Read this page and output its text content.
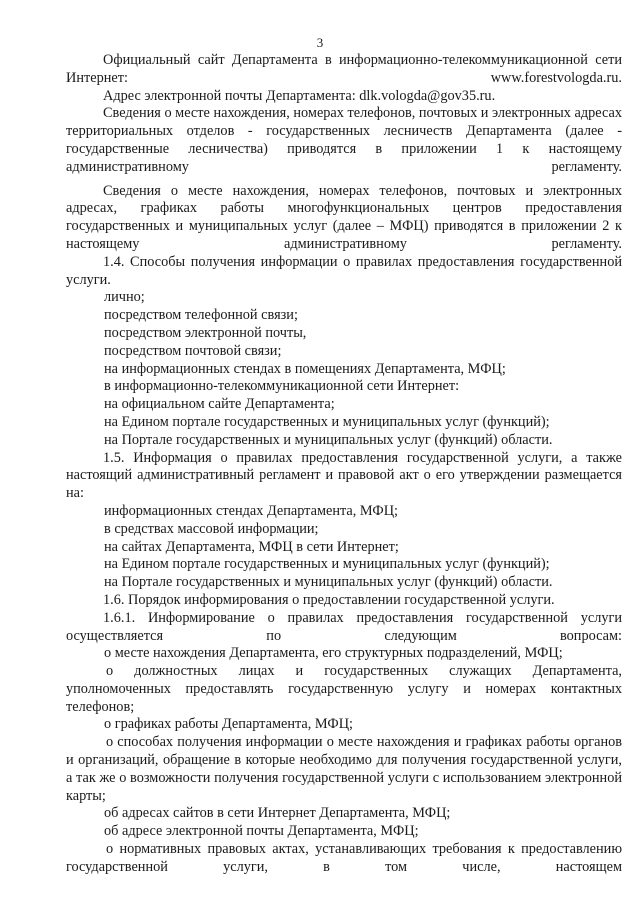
3

Официальный сайт Департамента в информационно-телекоммуникационной сети Интернет: www.forestvologda.ru.

Адрес электронной почты Департамента: dlk.vologda@gov35.ru.

Сведения о месте нахождения, номерах телефонов, почтовых и электронных адресах территориальных отделов - государственных лесничеств Департамента (далее - государственные лесничества) приводятся в приложении 1 к настоящему административному регламенту.

Сведения о месте нахождения, номерах телефонов, почтовых и электронных адресах, графиках работы многофункциональных центров предоставления государственных и муниципальных услуг (далее – МФЦ) приводятся в приложении 2 к настоящему административному регламенту.

1.4. Способы получения информации о правилах предоставления государственной услуги.

лично;

посредством телефонной связи;

посредством электронной почты,

посредством почтовой связи;

на информационных стендах в помещениях Департамента, МФЦ;

в информационно-телекоммуникационной сети Интернет:

на официальном сайте Департамента;

на Едином портале государственных и муниципальных услуг (функций);

на Портале государственных и муниципальных услуг (функций) области.

1.5. Информация о правилах предоставления государственной услуги, а также настоящий административный регламент и правовой акт о его утверждении размещается на:

информационных стендах Департамента, МФЦ;

в средствах массовой информации;

на сайтах Департамента, МФЦ в сети Интернет;

на Едином портале государственных и муниципальных услуг (функций);

на Портале государственных и муниципальных услуг (функций) области.

1.6. Порядок информирования о предоставлении государственной услуги.

1.6.1. Информирование о правилах предоставления государственной услуги осуществляется по следующим вопросам:

о месте нахождения Департамента, его структурных подразделений, МФЦ;

о должностных лицах и государственных служащих Департамента, уполномоченных предоставлять государственную услугу и номерах контактных телефонов;

о графиках работы Департамента, МФЦ;

о способах получения информации о месте нахождения и графиках работы органов и организаций, обращение в которые необходимо для получения государственной услуги, а так же о возможности получения государственной услуги с использованием электронной карты;

об адресах сайтов в сети Интернет Департамента, МФЦ;

об адресе электронной почты Департамента, МФЦ;

о нормативных правовых актах, устанавливающих требования к предоставлению государственной услуги, в том числе, настоящем
